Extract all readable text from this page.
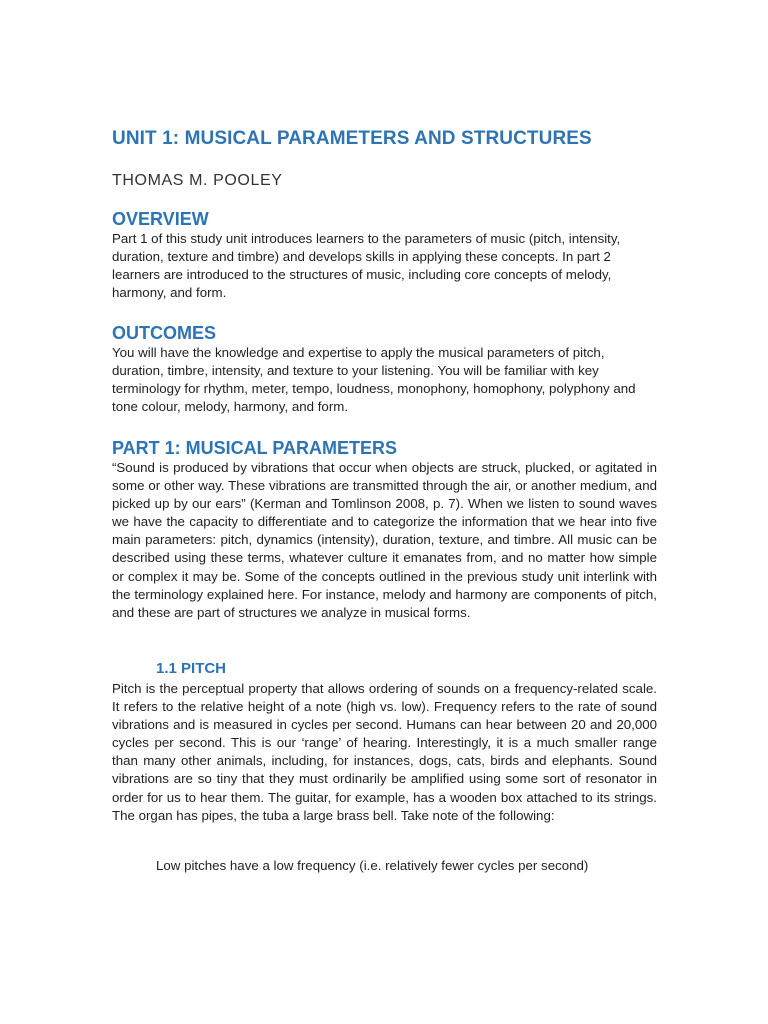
UNIT 1: MUSICAL PARAMETERS AND STRUCTURES

THOMAS M. POOLEY

OVERVIEW

Part 1 of this study unit introduces learners to the parameters of music (pitch, intensity, duration, texture and timbre) and develops skills in applying these concepts. In part 2 learners are introduced to the structures of music, including core concepts of melody, harmony, and form.

OUTCOMES

You will have the knowledge and expertise to apply the musical parameters of pitch, duration, timbre, intensity, and texture to your listening. You will be familiar with key terminology for rhythm, meter, tempo, loudness, monophony, homophony, polyphony and tone colour, melody, harmony, and form.

PART 1: MUSICAL PARAMETERS

“Sound is produced by vibrations that occur when objects are struck, plucked, or agitated in some or other way. These vibrations are transmitted through the air, or another medium, and picked up by our ears” (Kerman and Tomlinson 2008, p. 7). When we listen to sound waves we have the capacity to differentiate and to categorize the information that we hear into five main parameters: pitch, dynamics (intensity), duration, texture, and timbre. All music can be described using these terms, whatever culture it emanates from, and no matter how simple or complex it may be. Some of the concepts outlined in the previous study unit interlink with the terminology explained here. For instance, melody and harmony are components of pitch, and these are part of structures we analyze in musical forms.

1.1 PITCH

Pitch is the perceptual property that allows ordering of sounds on a frequency-related scale. It refers to the relative height of a note (high vs. low). Frequency refers to the rate of sound vibrations and is measured in cycles per second. Humans can hear between 20 and 20,000 cycles per second. This is our ‘range’ of hearing. Interestingly, it is a much smaller range than many other animals, including, for instances, dogs, cats, birds and elephants. Sound vibrations are so tiny that they must ordinarily be amplified using some sort of resonator in order for us to hear them. The guitar, for example, has a wooden box attached to its strings. The organ has pipes, the tuba a large brass bell. Take note of the following:

Low pitches have a low frequency (i.e. relatively fewer cycles per second)
